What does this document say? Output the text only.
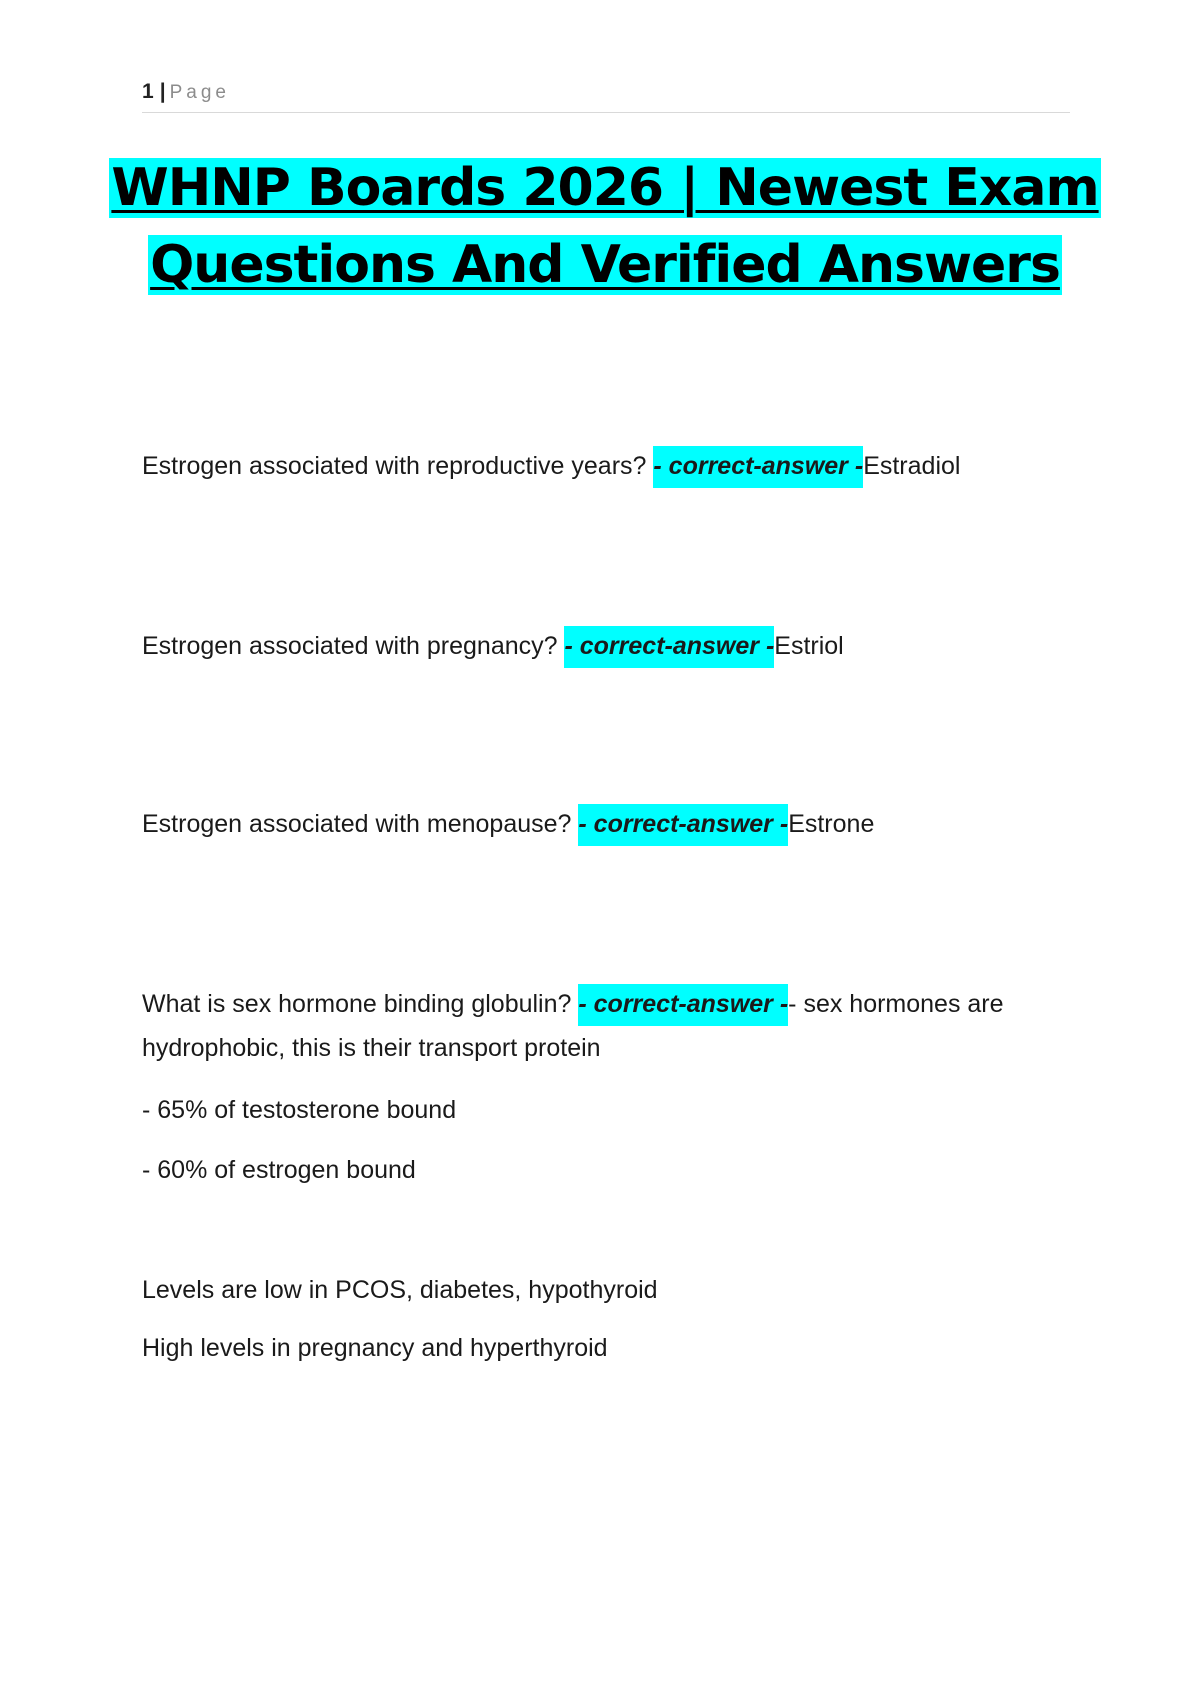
1 | Page
WHNP Boards 2026 | Newest Exam
Questions And Verified Answers
Estrogen associated with reproductive years? - correct-answer -Estradiol
Estrogen associated with pregnancy? - correct-answer -Estriol
Estrogen associated with menopause? - correct-answer -Estrone
What is sex hormone binding globulin? - correct-answer -- sex hormones are hydrophobic, this is their transport protein
- 65% of testosterone bound
- 60% of estrogen bound
Levels are low in PCOS, diabetes, hypothyroid
High levels in pregnancy and hyperthyroid
